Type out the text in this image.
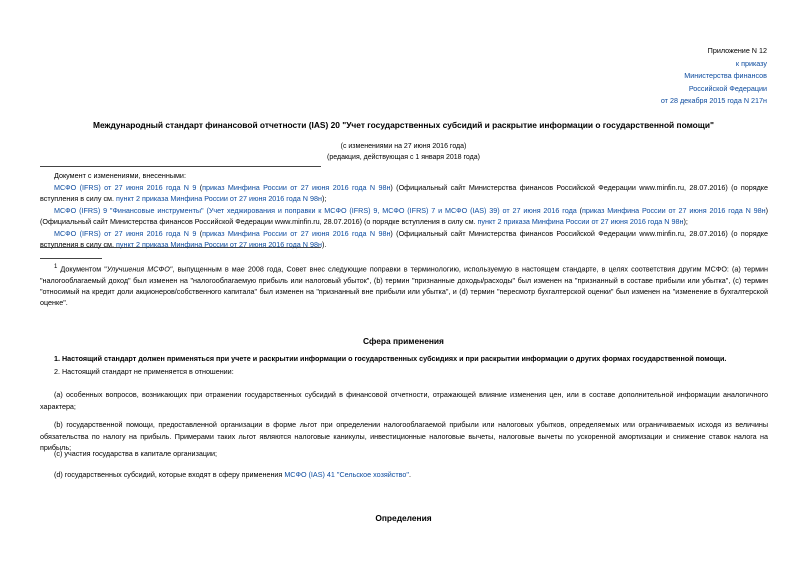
Приложение N 12
к приказу
Министерства финансов
Российской Федерации
от 28 декабря 2015 года N 217н
Международный стандарт финансовой отчетности (IAS) 20 "Учет государственных субсидий и раскрытие информации о государственной помощи"
(с изменениями на 27 июня 2016 года)
(редакция, действующая с 1 января 2018 года)

Документ с изменениями, внесенными:

МСФО (IFRS) от 27 июня 2016 года N 9 (приказ Минфина России от 27 июня 2016 года N 98н) (Официальный сайт Министерства финансов Российской Федерации www.minfin.ru, 28.07.2016) (о порядке вступления в силу см. пункт 2 приказа Минфина России от 27 июня 2016 года N 98н);

МСФО (IFRS) 9 "Финансовые инструменты" (Учет хеджирования и поправки к МСФО (IFRS) 9, МСФО (IFRS) 7 и МСФО (IAS) 39) от 27 июня 2016 года (приказ Минфина России от 27 июня 2016 года N 98н) (Официальный сайт Министерства финансов Российской Федерации www.minfin.ru, 28.07.2016) (о порядке вступления в силу см. пункт 2 приказа Минфина России от 27 июня 2016 года N 98н);

МСФО (IFRS) от 27 июня 2016 года N 9 (приказ Минфина России от 27 июня 2016 года N 98н) (Официальный сайт Министерства финансов Российской Федерации www.minfin.ru, 28.07.2016) (о порядке вступления в силу см. пункт 2 приказа Минфина России от 27 июня 2016 года N 98н).

$^1$ Документом "Улучшения МСФО", выпущенным в мае 2008 года, Совет внес следующие поправки в терминологию, используемую в настоящем стандарте, в целях соответствия другим МСФО: (a) термин "налогооблагаемый доход" был изменен на "налогооблагаемую прибыль или налоговый убыток", (b) термин "признанные доходы/расходы" был изменен на "признанный в составе прибыли или убытка", (c) термин "относимый на кредит доли акционеров/собственного капитала" был изменен на "признанный вне прибыли или убытка", и (d) термин "пересмотр бухгалтерской оценки" был изменен на "изменение в бухгалтерской оценке".
Сфера применения
1. Настоящий стандарт должен применяться при учете и раскрытии информации о государственных субсидиях и при раскрытии информации о других формах государственной помощи.
2. Настоящий стандарт не применяется в отношении:
(a) особенных вопросов, возникающих при отражении государственных субсидий в финансовой отчетности, отражающей влияние изменения цен, или в составе дополнительной информации аналогичного характера;
(b) государственной помощи, предоставленной организации в форме льгот при определении налогооблагаемой прибыли или налоговых убытков, определяемых или ограничиваемых исходя из величины обязательства по налогу на прибыль. Примерами таких льгот являются налоговые каникулы, инвестиционные налоговые вычеты, налоговые вычеты по ускоренной амортизации и снижение ставок налога на прибыль;
(c) участия государства в капитале организации;
(d) государственных субсидий, которые входят в сферу применения МСФО (IAS) 41 "Сельское хозяйство".
Определения
